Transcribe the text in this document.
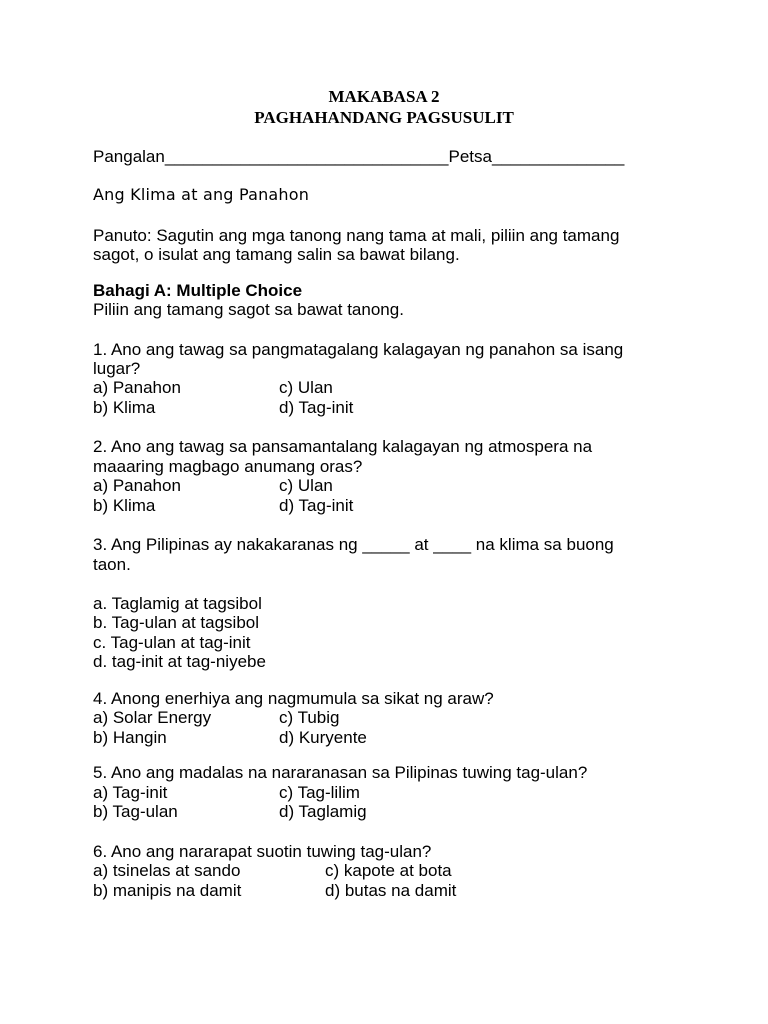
MAKABASA 2
PAGHAHANDANG PAGSUSULIT
Pangalan______________________________Petsa______________
Ang Klima at ang Panahon
Panuto: Sagutin ang mga tanong nang tama at mali, piliin ang tamang
sagot, o isulat ang tamang salin sa bawat bilang.
Bahagi A: Multiple Choice
Piliin ang tamang sagot sa bawat tanong.
1. Ano ang tawag sa pangmatagalang kalagayan ng panahon sa isang
lugar?
a) Panahon	c) Ulan
b) Klima	d) Tag-init
2. Ano ang tawag sa pansamantalang kalagayan ng atmospera na
maaaring magbago anumang oras?
a) Panahon	c) Ulan
b) Klima	d) Tag-init
3. Ang Pilipinas ay nakakaranas ng _____ at ____ na klima sa buong
taon.
a. Taglamig at tagsibol
b. Tag-ulan at tagsibol
c. Tag-ulan at tag-init
d. tag-init at tag-niyebe
4. Anong enerhiya ang nagmumula sa sikat ng araw?
a) Solar Energy	c) Tubig
b) Hangin	d) Kuryente
5. Ano ang madalas na nararanasan sa Pilipinas tuwing tag-ulan?
a) Tag-init	c) Tag-lilim
b) Tag-ulan	d) Taglamig
6. Ano ang nararapat suotin tuwing tag-ulan?
a) tsinelas at sando	c) kapote at bota
b) manipis na damit	d) butas na damit
